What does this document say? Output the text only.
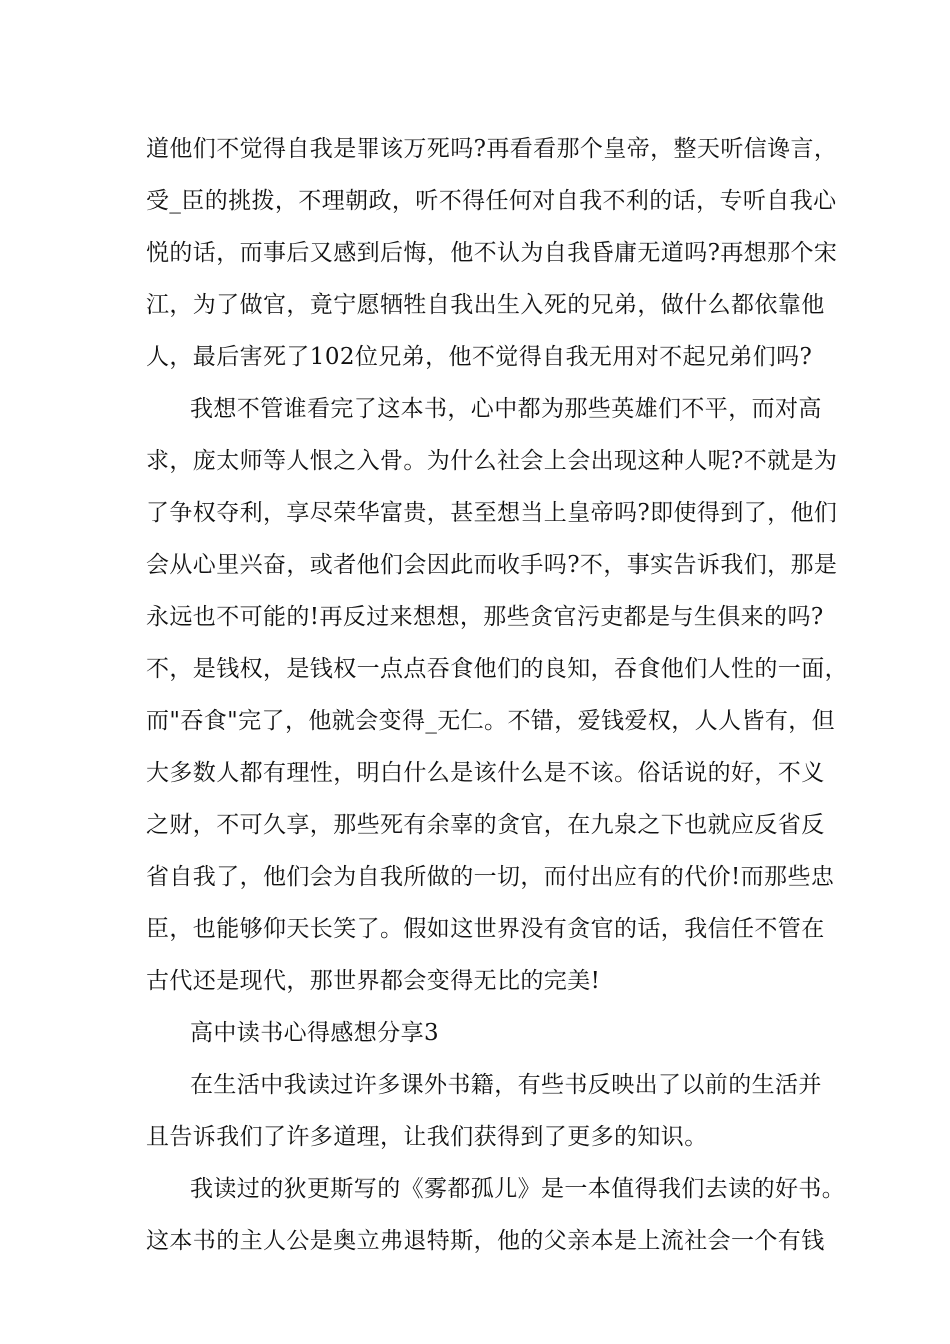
道他们不觉得自我是罪该万死吗?再看看那个皇帝，整天听信谗言，
受_臣的挑拨，不理朝政，听不得任何对自我不利的话，专听自我心
悦的话，而事后又感到后悔，他不认为自我昏庸无道吗?再想那个宋
江，为了做官，竟宁愿牺牲自我出生入死的兄弟，做什么都依靠他
人，最后害死了102位兄弟，他不觉得自我无用对不起兄弟们吗?
我想不管谁看完了这本书，心中都为那些英雄们不平，而对高
求，庞太师等人恨之入骨。为什么社会上会出现这种人呢?不就是为
了争权夺利，享尽荣华富贵，甚至想当上皇帝吗?即使得到了，他们
会从心里兴奋，或者他们会因此而收手吗?不，事实告诉我们，那是
永远也不可能的!再反过来想想，那些贪官污吏都是与生俱来的吗?
不，是钱权，是钱权一点点吞食他们的良知，吞食他们人性的一面，
而"吞食"完了，他就会变得_无仁。不错，爱钱爱权，人人皆有，但
大多数人都有理性，明白什么是该什么是不该。俗话说的好，不义
之财，不可久享，那些死有余辜的贪官，在九泉之下也就应反省反
省自我了，他们会为自我所做的一切，而付出应有的代价!而那些忠
臣，也能够仰天长笑了。假如这世界没有贪官的话，我信任不管在
古代还是现代，那世界都会变得无比的完美!
高中读书心得感想分享3
在生活中我读过许多课外书籍，有些书反映出了以前的生活并
且告诉我们了许多道理，让我们获得到了更多的知识。
我读过的狄更斯写的《雾都孤儿》是一本值得我们去读的好书。
这本书的主人公是奥立弗退特斯，他的父亲本是上流社会一个有钱
